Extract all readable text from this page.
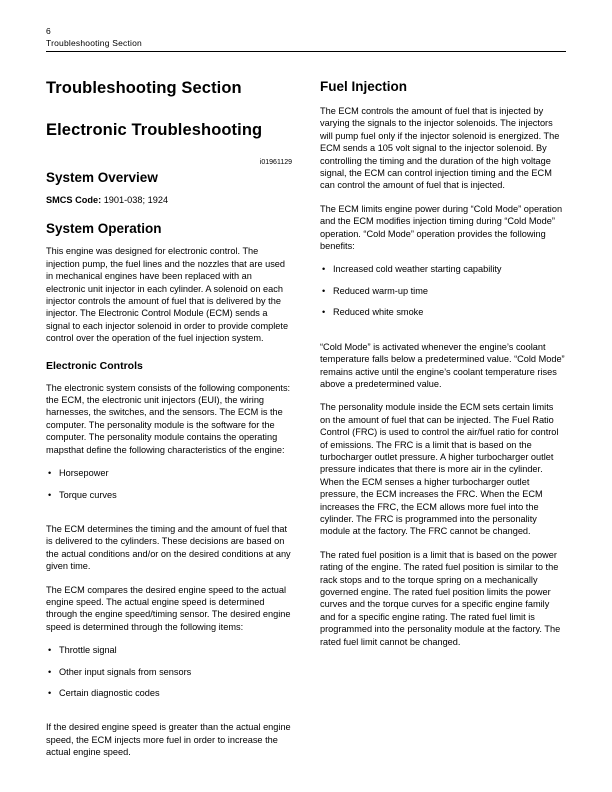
6
Troubleshooting Section
Troubleshooting Section
Electronic Troubleshooting
i01961129
System Overview

SMCS Code: 1901-038; 1924

System Operation

This engine was designed for electronic control. The injection pump, the fuel lines and the nozzles that are used in mechanical engines have been replaced with an electronic unit injector in each cylinder. A solenoid on each injector controls the amount of fuel that is delivered by the injector. The Electronic Control Module (ECM) sends a signal to each injector solenoid in order to provide complete control over the operation of the fuel injection system.

Electronic Controls

The electronic system consists of the following components: the ECM, the electronic unit injectors (EUI), the wiring harnesses, the switches, and the sensors. The ECM is the computer. The personality module is the software for the computer. The personality module contains the operating mapsthat define the following characteristics of the engine:

• Horsepower
• Torque curves

The ECM determines the timing and the amount of fuel that is delivered to the cylinders. These decisions are based on the actual conditions and/or on the desired conditions at any given time.

The ECM compares the desired engine speed to the actual engine speed. The actual engine speed is determined through the engine speed/timing sensor. The desired engine speed is determined through the following items:

• Throttle signal
• Other input signals from sensors
• Certain diagnostic codes

If the desired engine speed is greater than the actual engine speed, the ECM injects more fuel in order to increase the actual engine speed.

Fuel Injection

The ECM controls the amount of fuel that is injected by varying the signals to the injector solenoids. The injectors will pump fuel only if the injector solenoid is energized. The ECM sends a 105 volt signal to the injector solenoid. By controlling the timing and the duration of the high voltage signal, the ECM can control injection timing and the ECM can control the amount of fuel that is injected.

The ECM limits engine power during “Cold Mode” operation and the ECM modifies injection timing during “Cold Mode” operation. “Cold Mode” operation provides the following benefits:

• Increased cold weather starting capability
• Reduced warm-up time
• Reduced white smoke

“Cold Mode” is activated whenever the engine’s coolant temperature falls below a predetermined value. “Cold Mode” remains active until the engine’s coolant temperature rises above a predetermined value.

The personality module inside the ECM sets certain limits on the amount of fuel that can be injected. The Fuel Ratio Control (FRC) is used to control the air/fuel ratio for control of emissions. The FRC is a limit that is based on the turbocharger outlet pressure. A higher turbocharger outlet pressure indicates that there is more air in the cylinder. When the ECM senses a higher turbocharger outlet pressure, the ECM increases the FRC. When the ECM increases the FRC, the ECM allows more fuel into the cylinder. The FRC is programmed into the personality module at the factory. The FRC cannot be changed.

The rated fuel position is a limit that is based on the power rating of the engine. The rated fuel position is similar to the rack stops and to the torque spring on a mechanically governed engine. The rated fuel position limits the power curves and the torque curves for a specific engine family and for a specific engine rating. The rated fuel limit is programmed into the personality module at the factory. The rated fuel limit cannot be changed.
